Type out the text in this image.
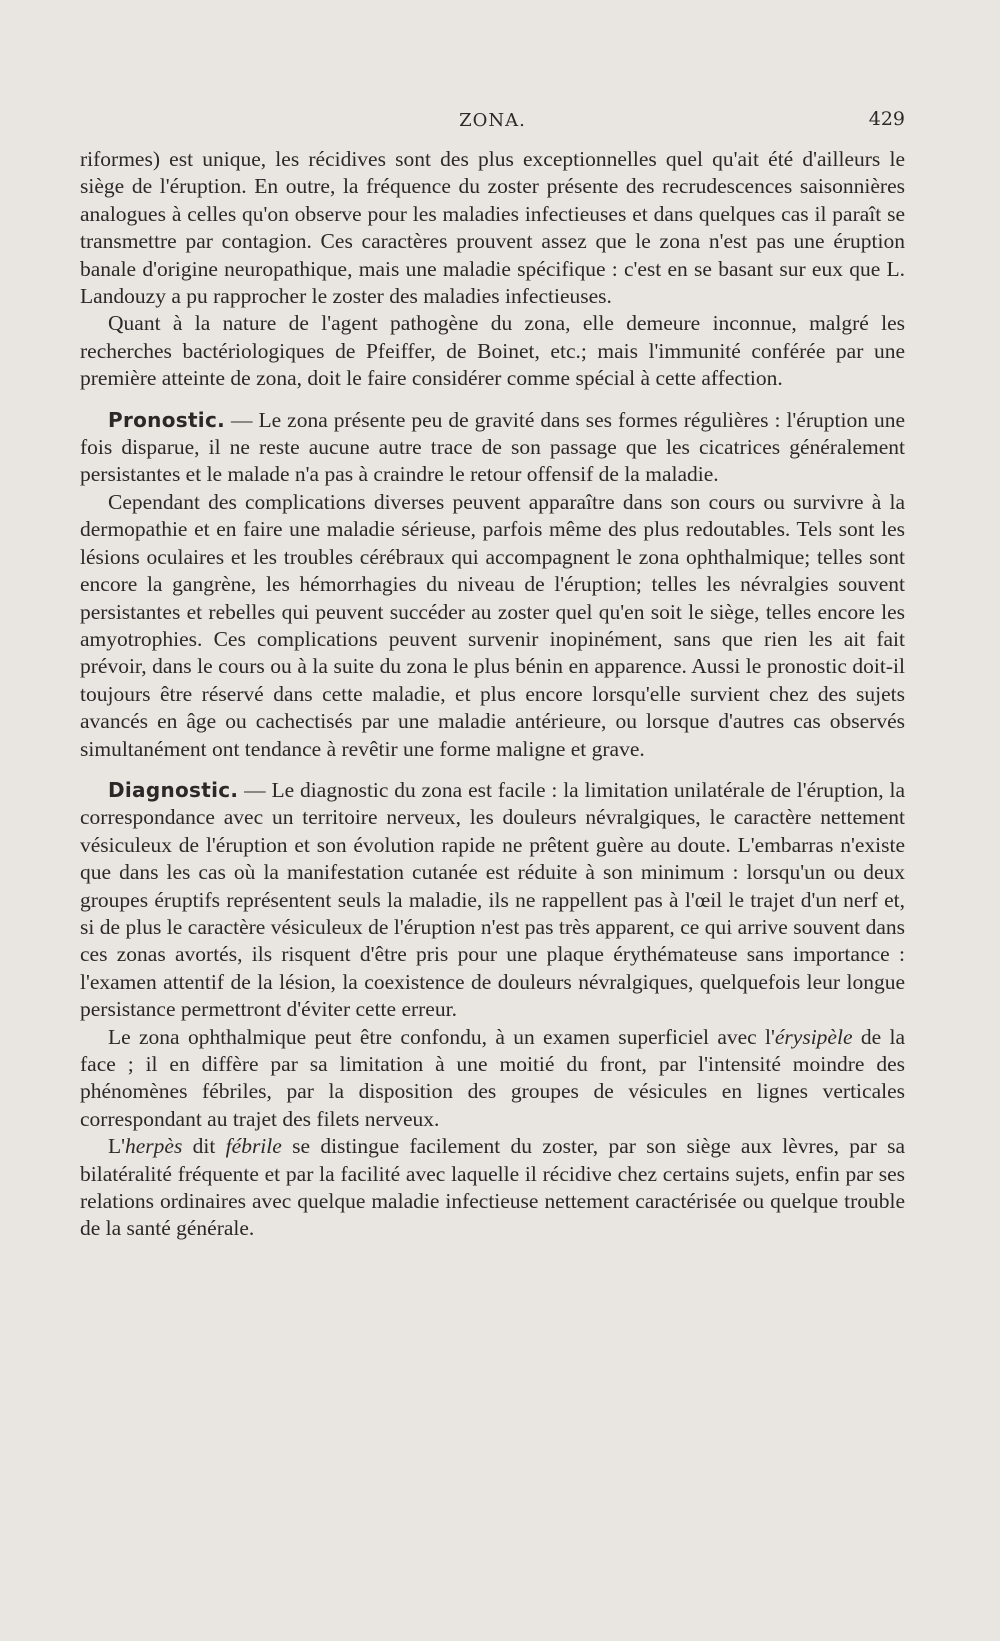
ZONA.	429

riformes) est unique, les récidives sont des plus exceptionnelles quel qu'ait été d'ailleurs le siège de l'éruption. En outre, la fréquence du zoster présente des recrudescences saisonnières analogues à celles qu'on observe pour les maladies infectieuses et dans quelques cas il paraît se transmettre par contagion. Ces caractères prouvent assez que le zona n'est pas une éruption banale d'origine neuropathique, mais une maladie spécifique : c'est en se basant sur eux que L. Landouzy a pu rapprocher le zoster des maladies infectieuses.

Quant à la nature de l'agent pathogène du zona, elle demeure inconnue, malgré les recherches bactériologiques de Pfeiffer, de Boinet, etc.; mais l'immunité conférée par une première atteinte de zona, doit le faire considérer comme spécial à cette affection.

Pronostic. — Le zona présente peu de gravité dans ses formes régulières : l'éruption une fois disparue, il ne reste aucune autre trace de son passage que les cicatrices généralement persistantes et le malade n'a pas à craindre le retour offensif de la maladie.

Cependant des complications diverses peuvent apparaître dans son cours ou survivre à la dermopathie et en faire une maladie sérieuse, parfois même des plus redoutables. Tels sont les lésions oculaires et les troubles cérébraux qui accompagnent le zona ophthalmique; telles sont encore la gangrène, les hémorrhagies du niveau de l'éruption; telles les névralgies souvent persistantes et rebelles qui peuvent succéder au zoster quel qu'en soit le siège, telles encore les amyotrophies. Ces complications peuvent survenir inopinément, sans que rien les ait fait prévoir, dans le cours ou à la suite du zona le plus bénin en apparence. Aussi le pronostic doit-il toujours être réservé dans cette maladie, et plus encore lorsqu'elle survient chez des sujets avancés en âge ou cachectisés par une maladie antérieure, ou lorsque d'autres cas observés simultanément ont tendance à revêtir une forme maligne et grave.

Diagnostic. — Le diagnostic du zona est facile : la limitation unilatérale de l'éruption, la correspondance avec un territoire nerveux, les douleurs névralgiques, le caractère nettement vésiculeux de l'éruption et son évolution rapide ne prêtent guère au doute. L'embarras n'existe que dans les cas où la manifestation cutanée est réduite à son minimum : lorsqu'un ou deux groupes éruptifs représentent seuls la maladie, ils ne rappellent pas à l'œil le trajet d'un nerf et, si de plus le caractère vésiculeux de l'éruption n'est pas très apparent, ce qui arrive souvent dans ces zonas avortés, ils risquent d'être pris pour une plaque érythémateuse sans importance : l'examen attentif de la lésion, la coexistence de douleurs névralgiques, quelquefois leur longue persistance permettront d'éviter cette erreur.

Le zona ophthalmique peut être confondu, à un examen superficiel avec l'érysipèle de la face ; il en diffère par sa limitation à une moitié du front, par l'intensité moindre des phénomènes fébriles, par la disposition des groupes de vésicules en lignes verticales correspondant au trajet des filets nerveux.

L'herpès dit fébrile se distingue facilement du zoster, par son siège aux lèvres, par sa bilatéralité fréquente et par la facilité avec laquelle il récidive chez certains sujets, enfin par ses relations ordinaires avec quelque maladie infectieuse nettement caractérisée ou quelque trouble de la santé générale.
